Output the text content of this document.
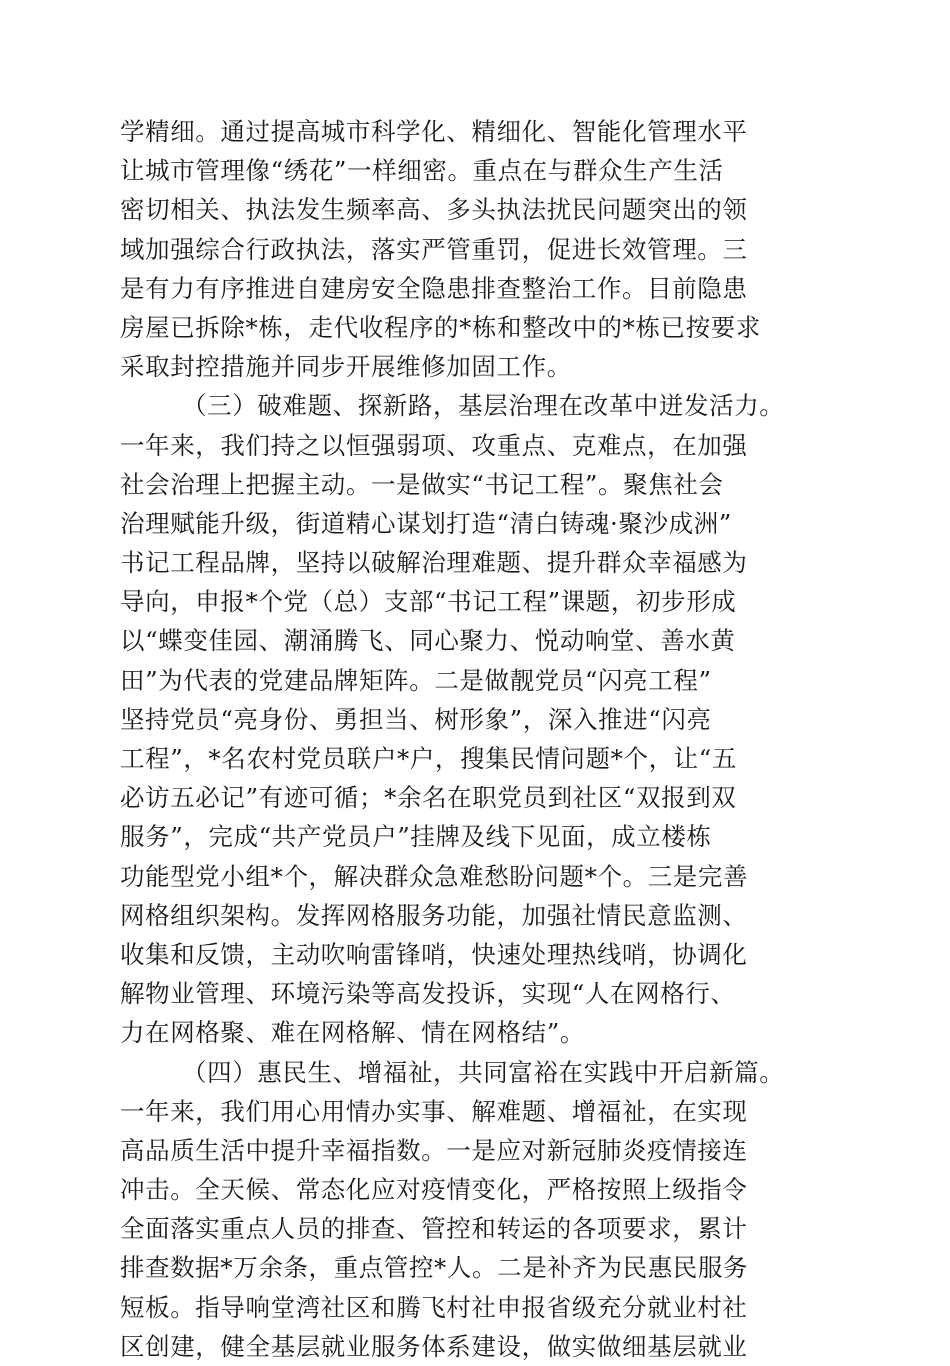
学精细。通过提高城市科学化、精细化、智能化管理水平
让城市管理像“绣花”一样细密。重点在与群众生产生活
密切相关、执法发生频率高、多头执法扰民问题突出的领
域加强综合行政执法，落实严管重罚，促进长效管理。三
是有力有序推进自建房安全隐患排查整治工作。目前隐患
房屋已拆除*栋，走代收程序的*栋和整改中的*栋已按要求
采取封控措施并同步开展维修加固工作。
（三）破难题、探新路，基层治理在改革中迸发活力。
一年来，我们持之以恒强弱项、攻重点、克难点，在加强
社会治理上把握主动。一是做实“书记工程”。聚焦社会
治理赋能升级，街道精心谋划打造“清白铸魂·聚沙成洲”
书记工程品牌，坚持以破解治理难题、提升群众幸福感为
导向，申报*个党（总）支部“书记工程”课题，初步形成
以“蝶变佳园、潮涌腾飞、同心聚力、悦动响堂、善水黄
田”为代表的党建品牌矩阵。二是做靓党员“闪亮工程”
坚持党员“亮身份、勇担当、树形象”，深入推进“闪亮
工程”，*名农村党员联户*户，搜集民情问题*个，让“五
必访五必记”有迹可循；*余名在职党员到社区“双报到双
服务”，完成“共产党员户”挂牌及线下见面，成立楼栋
功能型党小组*个，解决群众急难愁盼问题*个。三是完善
网格组织架构。发挥网格服务功能，加强社情民意监测、
收集和反馈，主动吹响雷锋哨，快速处理热线哨，协调化
解物业管理、环境污染等高发投诉，实现“人在网格行、
力在网格聚、难在网格解、情在网格结”。
（四）惠民生、增福祉，共同富裕在实践中开启新篇。
一年来，我们用心用情办实事、解难题、增福祉，在实现
高品质生活中提升幸福指数。一是应对新冠肺炎疫情接连
冲击。全天候、常态化应对疫情变化，严格按照上级指令
全面落实重点人员的排查、管控和转运的各项要求，累计
排查数据*万余条，重点管控*人。二是补齐为民惠民服务
短板。指导响堂湾社区和腾飞村社申报省级充分就业村社
区创建，健全基层就业服务体系建设，做实做细基层就业
